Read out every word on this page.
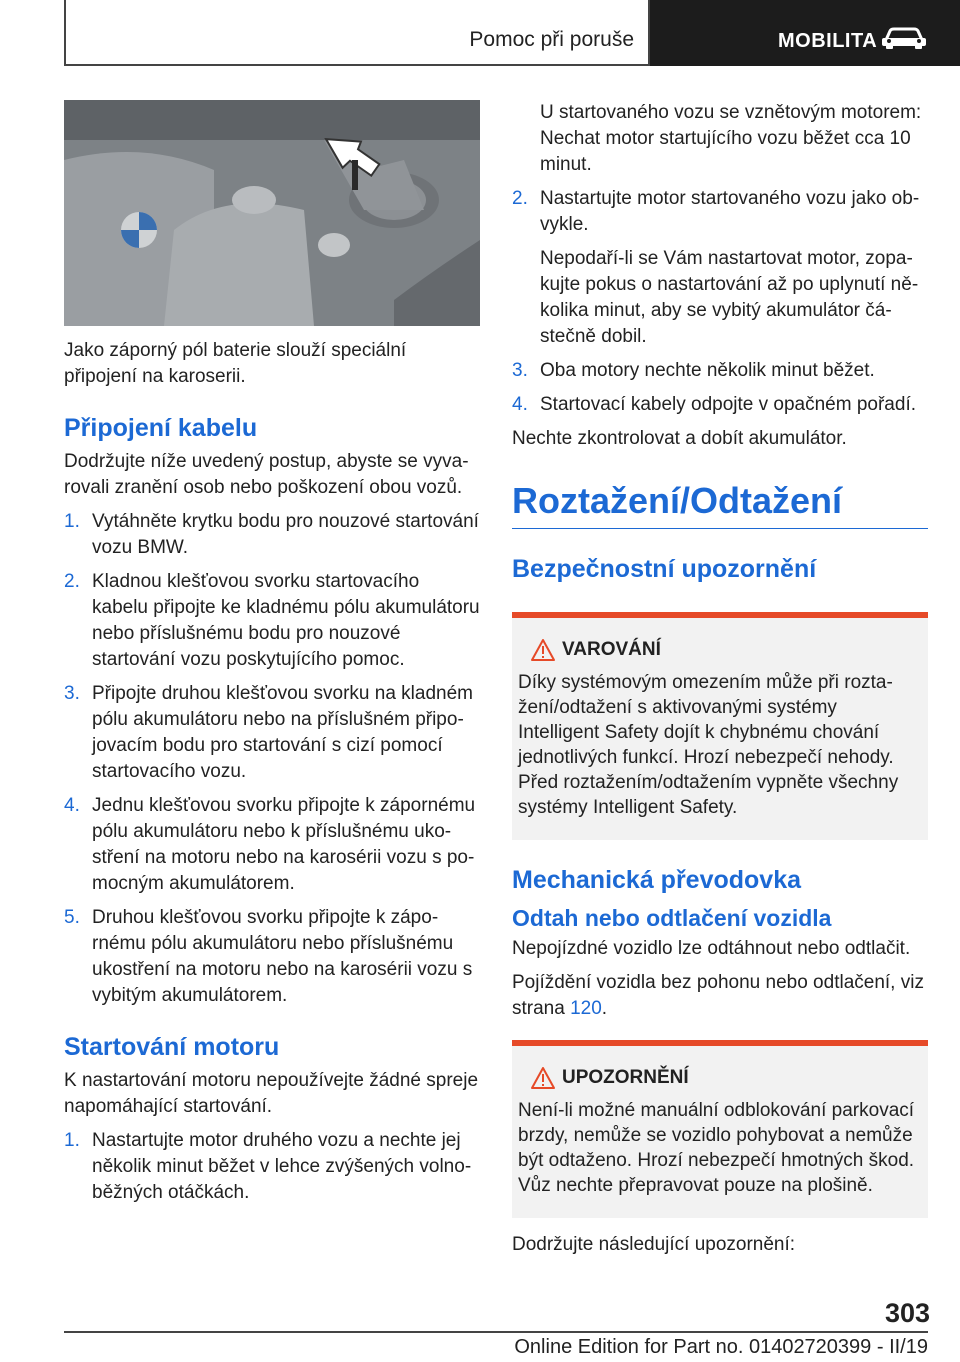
Pomoc při poruše	MOBILITA

Jako záporný pól baterie slouží speciální připojení na karoserii.

Připojení kabelu

Dodržujte níže uvedený postup, abyste se vyvarovali zranění osob nebo poškození obou vozů.

1. Vytáhněte krytku bodu pro nouzové startování vozu BMW.
2. Kladnou klešťovou svorku startovacího kabelu připojte ke kladnému pólu akumulátoru nebo příslušnému bodu pro nouzové startování vozu poskytujícího pomoc.
3. Připojte druhou klešťovou svorku na kladném pólu akumulátoru nebo na příslušném připojovacím bodu pro startování s cizí pomocí startovacího vozu.
4. Jednu klešťovou svorku připojte k zápornému pólu akumulátoru nebo k příslušnému ukostření na motoru nebo na karosérii vozu s pomocným akumulátorem.
5. Druhou klešťovou svorku připojte k zápornému pólu akumulátoru nebo příslušnému ukostření na motoru nebo na karosérii vozu s vybitým akumulátorem.
Startování motoru

K nastartování motoru nepoužívejte žádné spreje napomáhající startování.

1. Nastartujte motor druhého vozu a nechte jej několik minut běžet v lehce zvýšených volnoběžných otáčkách.

U startovaného vozu se vznětovým motorem: Nechat motor startujícího vozu běžet cca 10 minut.

2. Nastartujte motor startovaného vozu jako obvykle.
Nepodaří-li se Vám nastartovat motor, zopakujte pokus o nastartování až po uplynutí několika minut, aby se vybitý akumulátor částečně dobil.
3. Oba motory nechte několik minut běžet.
4. Startovací kabely odpojte v opačném pořadí.

Nechte zkontrolovat a dobít akumulátor.

Roztažení/Odtažení
Bezpečnostní upozornění
VAROVÁNÍ

Díky systémovým omezením může při roztažení/odtažení s aktivovanými systémy Intelligent Safety dojít k chybnému chování jednotlivých funkcí. Hrozí nebezpečí nehody. Před roztažením/odtažením vypněte všechny systémy Intelligent Safety.

Mechanická převodovka
Odtah nebo odtlačení vozidla

Nepojízdné vozidlo lze odtáhnout nebo odtlačit.

Pojíždění vozidla bez pohonu nebo odtlačení, viz strana 120.

UPOZORNĚNÍ

Není-li možné manuální odblokování parkovací brzdy, nemůže se vozidlo pohybovat a nemůže být odtaženo. Hrozí nebezpečí hmotných škod. Vůz nechte přepravovat pouze na plošině.

Dodržujte následující upozornění:

303
Online Edition for Part no. 01402720399 - II/19
